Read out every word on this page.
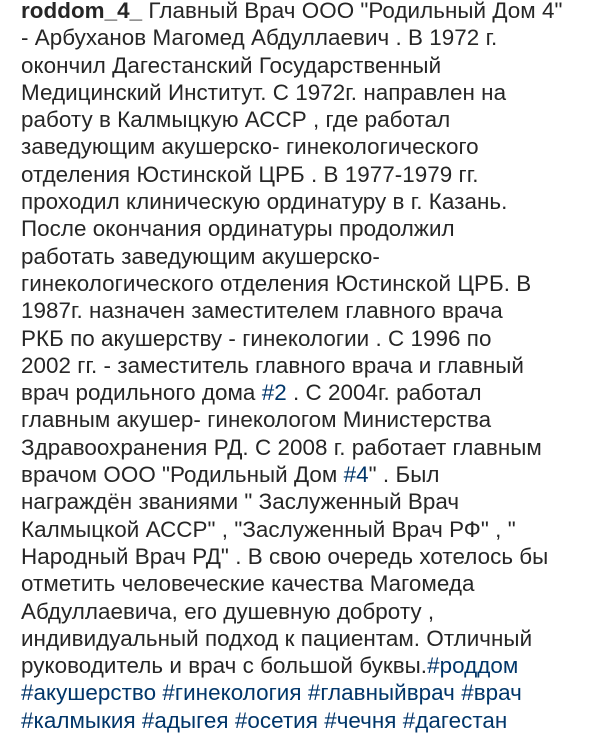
roddom_4_ Главный Врач ООО "Родильный Дом 4"
- Арбуханов Магомед Абдуллаевич . В 1972 г.
окончил Дагестанский Государственный
Медицинский Институт. С 1972г. направлен на
работу в Калмыцкую АССР , где работал
заведующим акушерско- гинекологического
отделения Юстинской ЦРБ . В 1977-1979 гг.
проходил клиническую ординатуру в г. Казань.
После окончания ординатуры продолжил
работать заведующим акушерско-
гинекологического отделения Юстинской ЦРБ. В
1987г. назначен заместителем главного врача
РКБ по акушерству - гинекологии . С 1996 по
2002 гг. - заместитель главного врача и главный
врач родильного дома #2 . С 2004г. работал
главным акушер- гинекологом Министерства
Здравоохранения РД. С 2008 г. работает главным
врачом ООО "Родильный Дом #4" . Был
награждён званиями " Заслуженный Врач
Калмыцкой АССР" , "Заслуженный Врач РФ" , "
Народный Врач РД" . В свою очередь хотелось бы
отметить человеческие качества Магомеда
Абдуллаевича, его душевную доброту ,
индивидуальный подход к пациентам. Отличный
руководитель и врач с большой буквы.#роддом
#акушерство #гинекология #главныйврач #врач
#калмыкия #адыгея #осетия #чечня #дагестан
